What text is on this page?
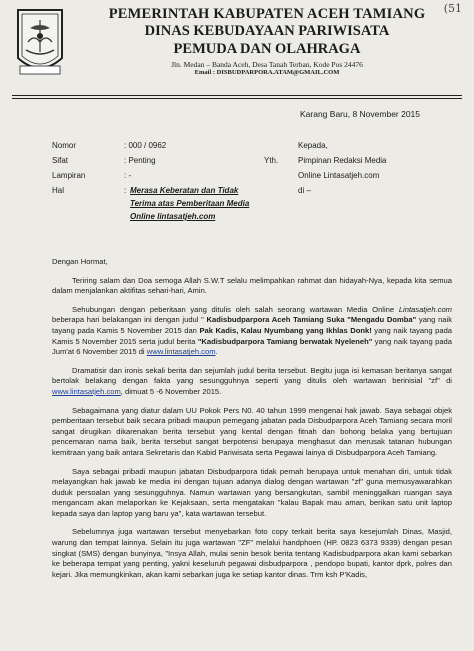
(51
PEMERINTAH KABUPATEN ACEH TAMIANG
DINAS KEBUDAYAAN PARIWISATA
PEMUDA DAN OLAHRAGA
Jln. Medan – Banda Aceh, Desa Tanah Terban, Kode Pos 24476
Email : DISBUDPARPORA.ATAM@GMAIL.COM
Karang Baru, 8 November 2015
Nomor	: 000 / 0962
Sifat	: Penting
Lampiran	: -
Hal	: Merasa Keberatan dan Tidak
Terima atas Pemberitaan Media
Online lintasatjeh.com
Kepada,
Yth. Pimpinan Redaksi Media
Online Lintasatjeh.com
di –

Dengan Hormat,

Teriring salam dan Doa semoga Allah S.W.T selalu melimpahkan rahmat dan hidayah-Nya, kepada kita semua dalam menjalankan aktifitas sehari-hari, Amin.

Sehubungan dengan peberitaan yang ditulis oleh salah seorang wartawan Media Online Lintasatjeh.com beberapa hari belakangan ini dengan judul " Kadisbudparpora Aceh Tamiang Suka "Mengadu Domba" yang naik tayang pada Kamis 5 November 2015 dan Pak Kadis, Kalau Nyumbang yang Ikhlas Donk! yang naik tayang pada Kamis 5 November 2015 serta judul berita "Kadisbudparpora Tamiang berwatak Nyeleneh" yang naik tayang pada Jum'at 6 November 2015 di www.lintasatjeh.com.

Dramatisir dan ironis sekali berita dan sejumlah judul berita tersebut. Begitu juga isi kemasan beritanya sangat bertolak belakang dengan fakta yang sesungguhnya seperti yang ditulis oleh wartawan berinisial "zf" di www.lintasatjeh.com, dimuat 5 -6 November 2015.

Sebagaimana yang diatur dalam UU Pokok Pers N0. 40 tahun 1999 mengenai hak jawab. Saya sebagai objek pemberitaan tersebut baik secara pribadi maupun pemegang jabatan pada Disbudparpora Aceh Tamiang secara moril sangat dirugikan dikarenakan berita tersebut yang kental dengan fitnah dan bohong belaka yang bertujuan pencemaran nama baik, berita tersebut sangat berpotensi berupaya menghasut dan merusak tatanan hubungan kemitraan yang baik antara Sekretaris dan Kabid Pariwisata serta Pegawai lainya di Disbudparpora Aceh Tamiang.

Saya sebagai pribadi maupun jabatan Disbudparpora tidak pernah berupaya untuk menahan diri, untuk tidak melayangkan hak jawab ke media ini dengan tujuan adanya dialog dengan wartawan "zf" guna memusyawarahkan duduk persoalan yang sesungguhnya. Namun wartawan yang bersangkutan, sambil meninggalkan ruangan saya mengancam akan melaporkan ke Kejaksaan, serta mengatakan "kalau Bapak mau aman, berikan satu unit laptop kepada saya dan laptop yang baru ya", kata wartawan tersebut.

Sebelumnya juga wartawan tersebut menyebarkan foto copy terkait berita saya kesejumlah Dinas, Masjid, warung dan tempat lainnya. Selain itu juga wartawan "ZF" melalui handphoen (HP. 0823 6373 9339) dengan pesan singkat (SMS) dengan bunyinya, "Insya Allah, mulai senin besok berita tentang Kadisbudparpora akan kami sebarkan ke beberapa tempat yang penting, yakni keseluruh pegawai disbudparpora , pendopo bupati, kantor dprk, polres dan kejari. Jika memungkinkan, akan kami sebarkan juga ke setiap kantor dinas. Trm ksh P'Kadis,
